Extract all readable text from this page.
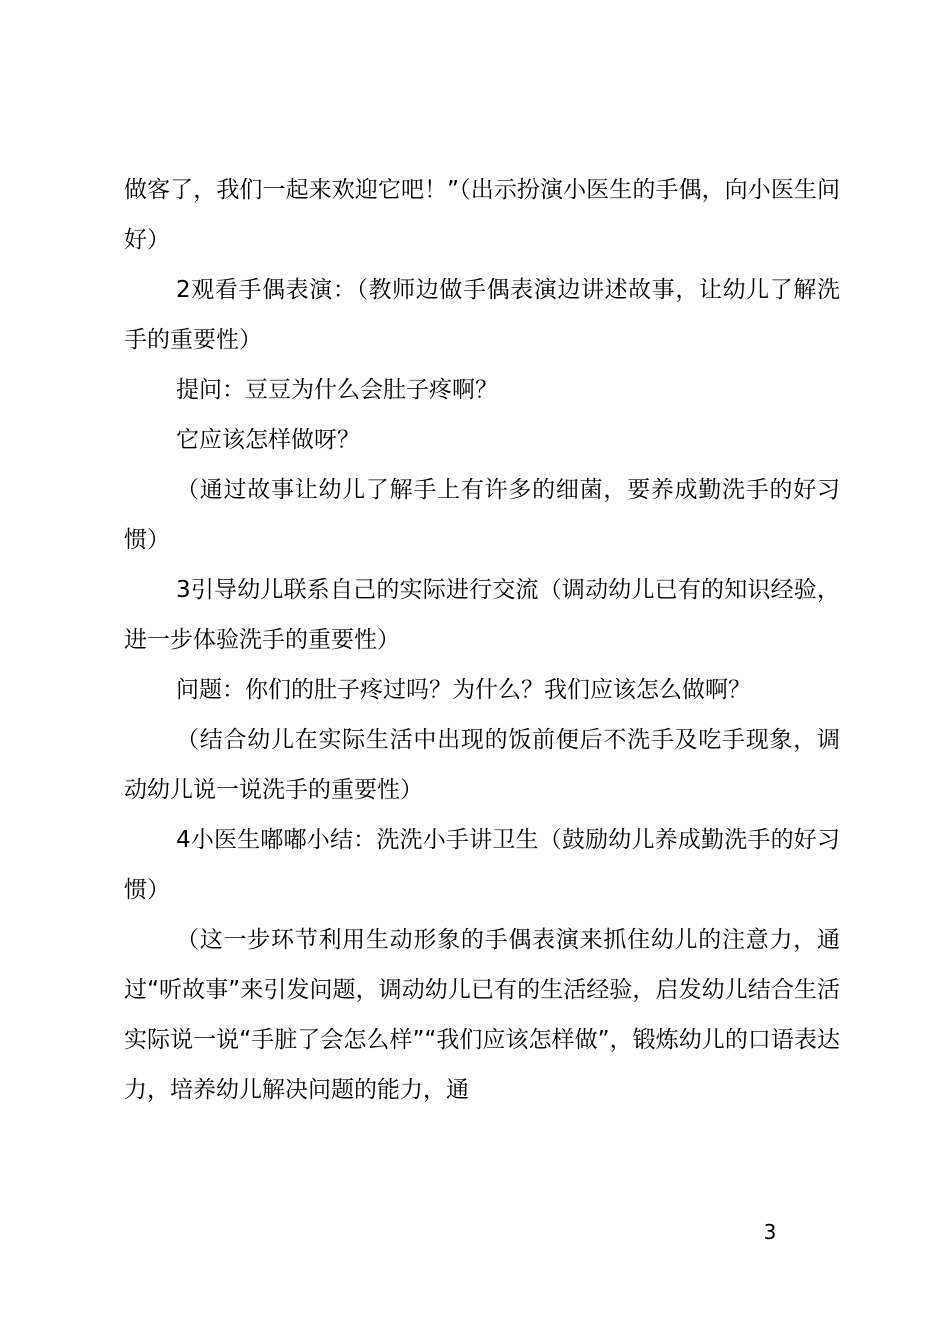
做客了，我们一起来欢迎它吧！”（出示扮演小医生的手偶，向小医生问好）

2观看手偶表演：（教师边做手偶表演边讲述故事，让幼儿了解洗手的重要性）

提问：豆豆为什么会肚子疼啊？

它应该怎样做呀？

（通过故事让幼儿了解手上有许多的细菌，要养成勤洗手的好习惯）

3引导幼儿联系自己的实际进行交流（调动幼儿已有的知识经验，进一步体验洗手的重要性）

问题：你们的肚子疼过吗？为什么？我们应该怎么做啊？

（结合幼儿在实际生活中出现的饭前便后不洗手及吃手现象，调动幼儿说一说洗手的重要性）

4小医生嘟嘟小结：洗洗小手讲卫生（鼓励幼儿养成勤洗手的好习惯）

（这一步环节利用生动形象的手偶表演来抓住幼儿的注意力，通过“听故事”来引发问题，调动幼儿已有的生活经验，启发幼儿结合生活实际说一说“手脏了会怎么样”“我们应该怎样做”，锻炼幼儿的口语表达力，培养幼儿解决问题的能力，通

3
